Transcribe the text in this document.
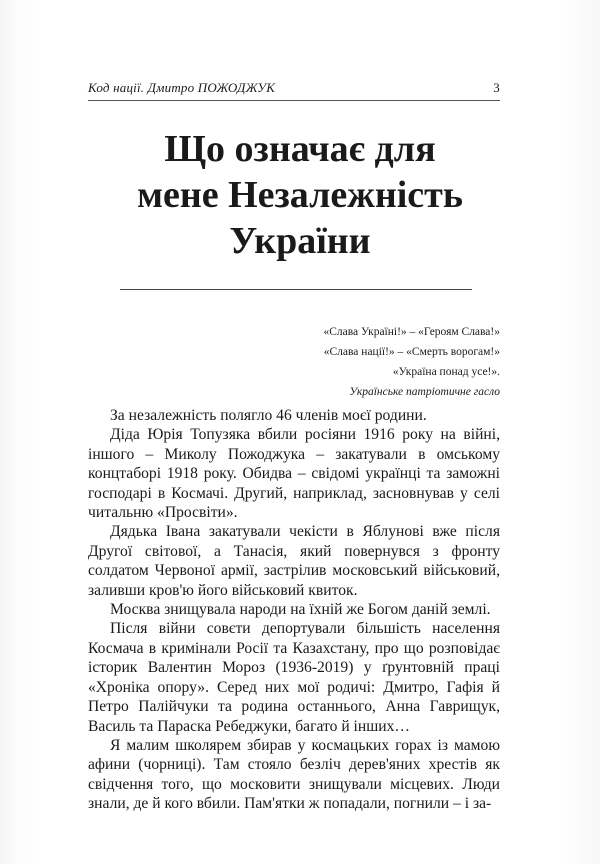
Код нації. Дмитро ПОЖОДЖУК	3
Що означає для
мене Незалежність
України
«Слава Україні!» – «Героям Слава!»
«Слава нації!» – «Смерть ворогам!»
«Україна понад усе!».
Українське патріотичне гасло

За незалежність полягло 46 членів моєї родини.

Діда Юрія Топузяка вбили росіяни 1916 року на війні, іншого – Миколу Пожоджука – закатували в омському концтаборі 1918 року. Обидва – свідомі українці та заможні господарі в Космачі. Другий, наприклад, засновнував у селі читальню «Просвіти».

Дядька Івана закатували чекісти в Яблунові вже після Другої світової, а Танасія, який повернувся з фронту солдатом Червоної армії, застрілив московський військовий, заливши кров'ю його військовий квиток.

Москва знищувала народи на їхній же Богом даній землі.

Після війни совєти депортували більшість населення Космача в кримінали Росії та Казахстану, про що розповідає історик Валентин Мороз (1936-2019) у ґрунтовній праці «Хроніка опору». Серед них мої родичі: Дмитро, Гафія й Петро Палійчуки та родина останнього, Анна Гаврищук, Василь та Параска Ребеджуки, багато й інших…

Я малим школярем збирав у космацьких горах із мамою афини (чорниці). Там стояло безліч дерев'яних хрестів як свідчення того, що московити знищували місцевих. Люди знали, де й кого вбили. Пам'ятки ж попадали, погнили – і за-
